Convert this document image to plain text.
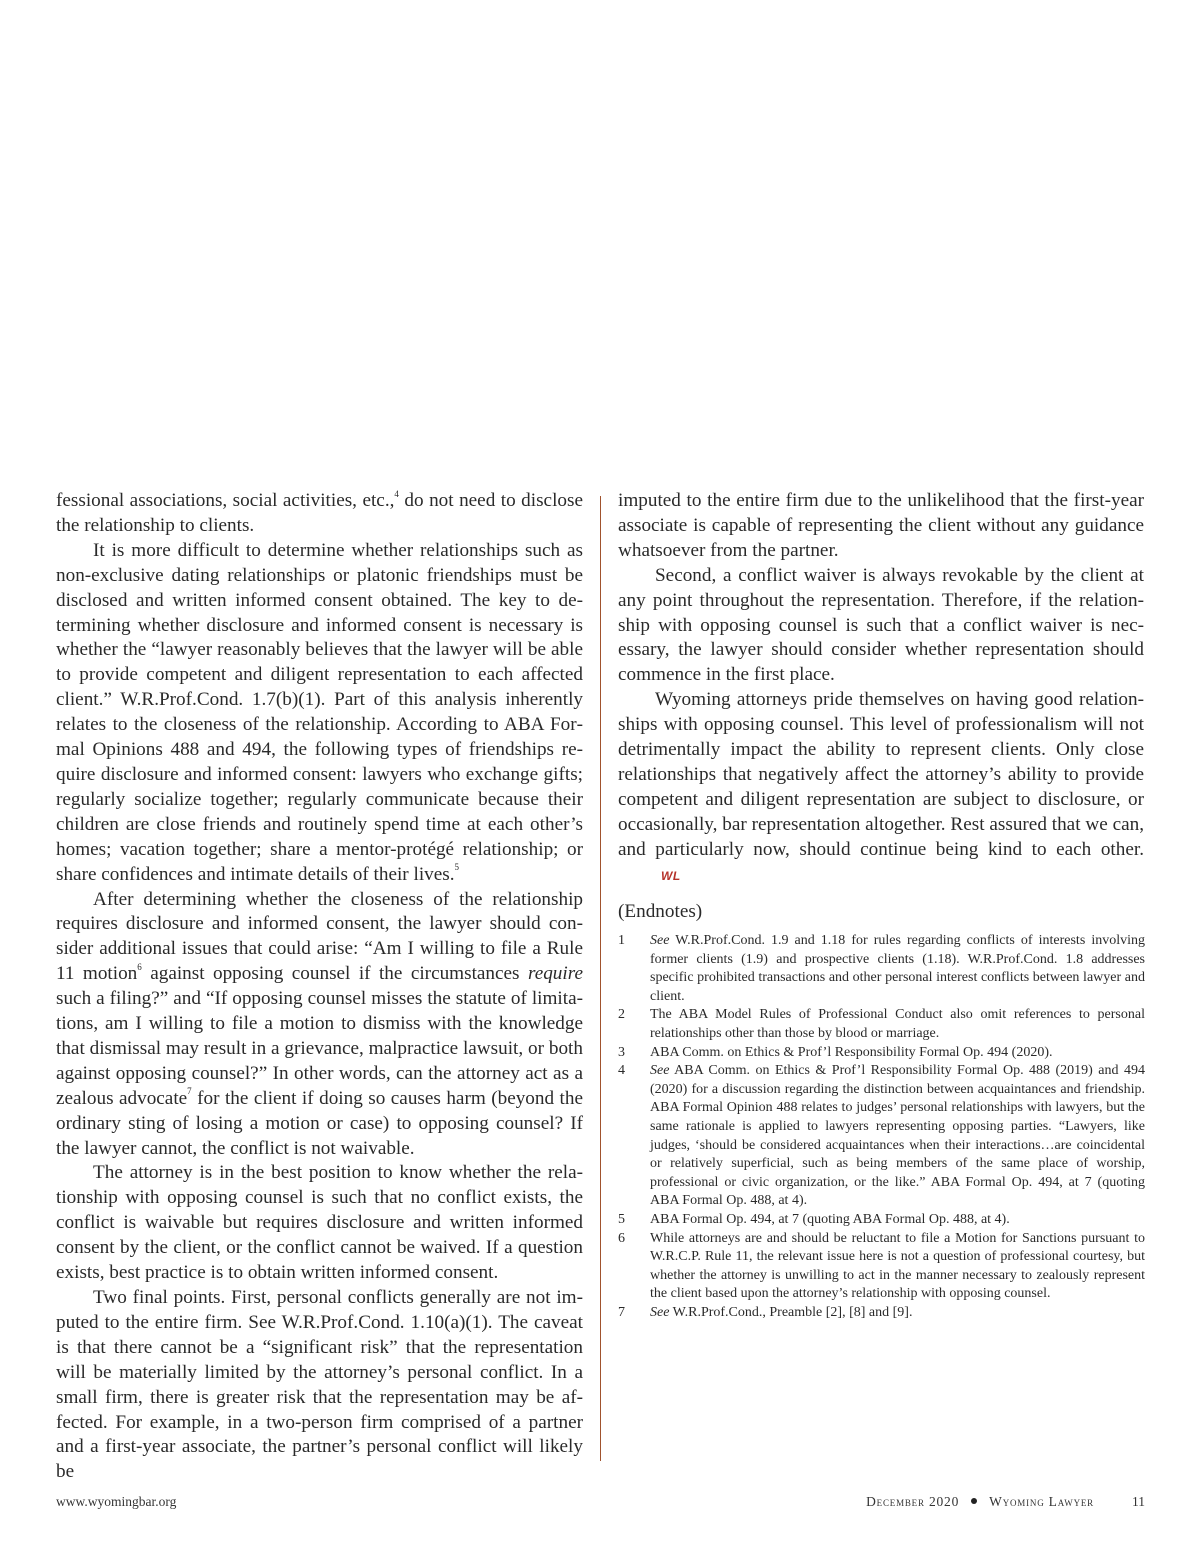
fessional associations, social activities, etc.,$^4$ do not need to disclose the relationship to clients.

It is more difficult to determine whether relationships such as non-exclusive dating relationships or platonic friendships must be disclosed and written informed consent obtained. The key to determining whether disclosure and informed consent is necessary is whether the “lawyer reasonably believes that the lawyer will be able to provide competent and diligent representation to each affected client.” W.R.Prof.Cond. 1.7(b)(1). Part of this analysis inherently relates to the closeness of the relationship. According to ABA Formal Opinions 488 and 494, the following types of friendships require disclosure and informed consent: lawyers who exchange gifts; regularly socialize together; regularly communicate because their children are close friends and routinely spend time at each other’s homes; vacation together; share a mentor-protégé relationship; or share confidences and intimate details of their lives.$^5$

After determining whether the closeness of the relationship requires disclosure and informed consent, the lawyer should consider additional issues that could arise: “Am I willing to file a Rule 11 motion$^6$ against opposing counsel if the circumstances require such a filing?” and “If opposing counsel misses the statute of limitations, am I willing to file a motion to dismiss with the knowledge that dismissal may result in a grievance, malpractice lawsuit, or both against opposing counsel?” In other words, can the attorney act as a zealous advocate$^7$ for the client if doing so causes harm (beyond the ordinary sting of losing a motion or case) to opposing counsel? If the lawyer cannot, the conflict is not waivable.

The attorney is in the best position to know whether the relationship with opposing counsel is such that no conflict exists, the conflict is waivable but requires disclosure and written informed consent by the client, or the conflict cannot be waived. If a question exists, best practice is to obtain written informed consent.

Two final points. First, personal conflicts generally are not imputed to the entire firm. See W.R.Prof.Cond. 1.10(a)(1). The caveat is that there cannot be a “significant risk” that the representation will be materially limited by the attorney’s personal conflict. In a small firm, there is greater risk that the representation may be affected. For example, in a two-person firm comprised of a partner and a first-year associate, the partner’s personal conflict will likely be

imputed to the entire firm due to the unlikelihood that the first-year associate is capable of representing the client without any guidance whatsoever from the partner.

Second, a conflict waiver is always revokable by the client at any point throughout the representation. Therefore, if the relationship with opposing counsel is such that a conflict waiver is necessary, the lawyer should consider whether representation should commence in the first place.

Wyoming attorneys pride themselves on having good relationships with opposing counsel. This level of professionalism will not detrimentally impact the ability to represent clients. Only close relationships that negatively affect the attorney’s ability to provide competent and diligent representation are subject to disclosure, or occasionally, bar representation altogether. Rest assured that we can, and particularly now, should continue being kind to each other.WL

(Endnotes)
1 See W.R.Prof.Cond. 1.9 and 1.18 for rules regarding conflicts of interests involving former clients (1.9) and prospective clients (1.18). W.R.Prof.Cond. 1.8 addresses specific prohibited transactions and other personal interest conflicts between lawyer and client.
2 The ABA Model Rules of Professional Conduct also omit references to personal relationships other than those by blood or marriage.
3 ABA Comm. on Ethics & Prof’l Responsibility Formal Op. 494 (2020).
4 See ABA Comm. on Ethics & Prof’l Responsibility Formal Op. 488 (2019) and 494 (2020) for a discussion regarding the distinction between acquaintances and friendship. ABA Formal Opinion 488 relates to judges’ personal relationships with lawyers, but the same rationale is applied to lawyers representing opposing parties. “Lawyers, like judges, ‘should be considered acquaintances when their interactions…are coincidental or relatively superficial, such as being members of the same place of worship, professional or civic organization, or the like.” ABA Formal Op. 494, at 7 (quoting ABA Formal Op. 488, at 4).
5 ABA Formal Op. 494, at 7 (quoting ABA Formal Op. 488, at 4).
6 While attorneys are and should be reluctant to file a Motion for Sanctions pursuant to W.R.C.P. Rule 11, the relevant issue here is not a question of professional courtesy, but whether the attorney is unwilling to act in the manner necessary to zealously represent the client based upon the attorney’s relationship with opposing counsel.
7 See W.R.Prof.Cond., Preamble [2], [8] and [9].
www.wyomingbar.org	December 2020 Wyoming Lawyer	11
